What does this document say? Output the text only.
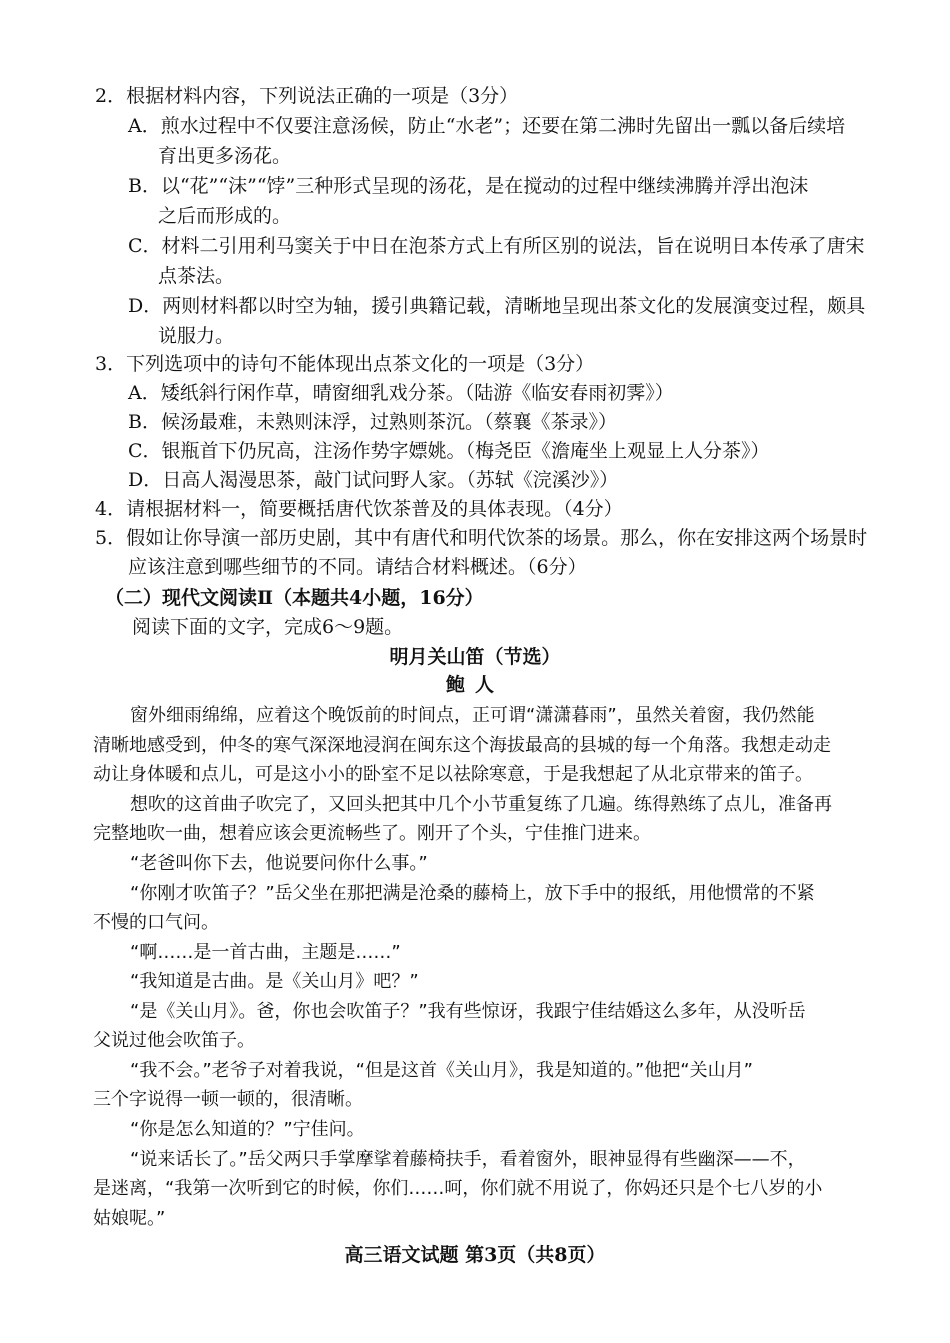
2．根据材料内容，下列说法正确的一项是（3分）
A．煎水过程中不仅要注意汤候，防止“水老”；还要在第二沸时先留出一瓢以备后续培
育出更多汤花。
B．以“花”“沫”“饽”三种形式呈现的汤花，是在搅动的过程中继续沸腾并浮出泡沫
之后而形成的。
C．材料二引用利马窦关于中日在泡茶方式上有所区别的说法，旨在说明日本传承了唐宋
点茶法。
D．两则材料都以时空为轴，援引典籍记载，清晰地呈现出茶文化的发展演变过程，颇具
说服力。
3．下列选项中的诗句不能体现出点茶文化的一项是（3分）
A．矮纸斜行闲作草，晴窗细乳戏分茶。（陆游《临安春雨初霁》）
B．候汤最难，未熟则沫浮，过熟则茶沉。（蔡襄《茶录》）
C．银瓶首下仍尻高，注汤作势字嫖姚。（梅尧臣《澹庵坐上观显上人分茶》）
D．日高人渴漫思茶，敲门试问野人家。（苏轼《浣溪沙》）
4．请根据材料一，简要概括唐代饮茶普及的具体表现。（4分）
5．假如让你导演一部历史剧，其中有唐代和明代饮茶的场景。那么，你在安排这两个场景时
应该注意到哪些细节的不同。请结合材料概述。（6分）
（二）现代文阅读Ⅱ（本题共4小题，16分）
阅读下面的文字，完成6～9题。
明月关山笛（节选）
鲍人
窗外细雨绵绵，应着这个晚饭前的时间点，正可谓“潇潇暮雨”，虽然关着窗，我仍然能
清晰地感受到，仲冬的寒气深深地浸润在闽东这个海拔最高的县城的每一个角落。我想走动走
动让身体暖和点儿，可是这小小的卧室不足以祛除寒意，于是我想起了从北京带来的笛子。
想吹的这首曲子吹完了，又回头把其中几个小节重复练了几遍。练得熟练了点儿，准备再
完整地吹一曲，想着应该会更流畅些了。刚开了个头，宁佳推门进来。
“老爸叫你下去，他说要问你什么事。”
“你刚才吹笛子？”岳父坐在那把满是沧桑的藤椅上，放下手中的报纸，用他惯常的不紧
不慢的口气问。
“啊……是一首古曲，主题是……”
“我知道是古曲。是《关山月》吧？”
“是《关山月》。爸，你也会吹笛子？”我有些惊讶，我跟宁佳结婚这么多年，从没听岳
父说过他会吹笛子。
“我不会。”老爷子对着我说，“但是这首《关山月》，我是知道的。”他把“关山月”
三个字说得一顿一顿的，很清晰。
“你是怎么知道的？”宁佳问。
“说来话长了。”岳父两只手掌摩挲着藤椅扶手，看着窗外，眼神显得有些幽深——不，
是迷离，“我第一次听到它的时候，你们……呵，你们就不用说了，你妈还只是个七八岁的小
姑娘呢。”
高三语文试题 第3页（共8页）
